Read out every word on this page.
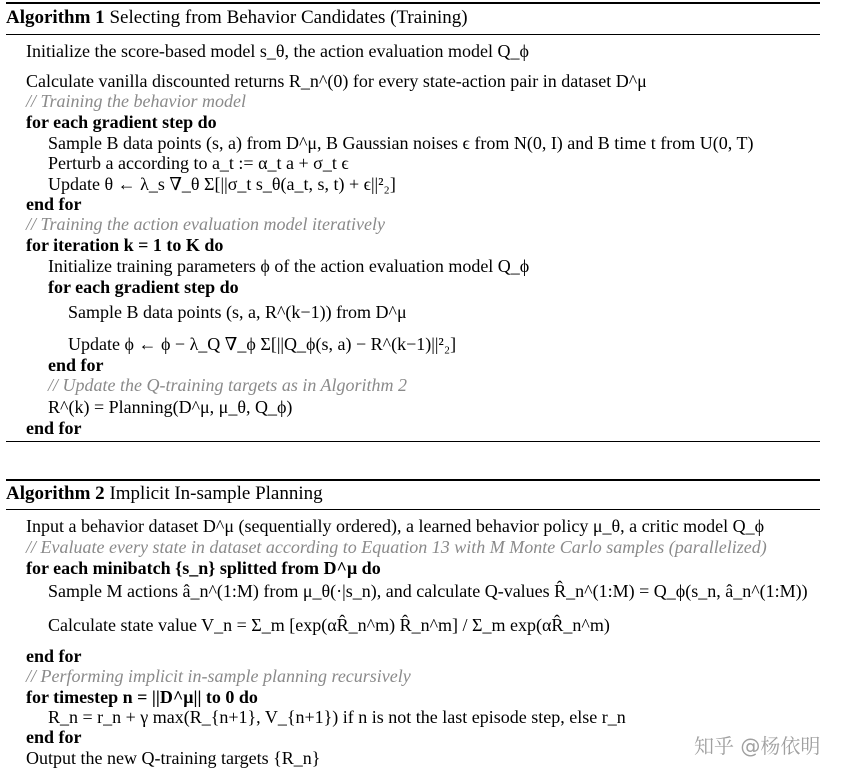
Algorithm 1 Selecting from Behavior Candidates (Training)
Initialize the score-based model s_θ, the action evaluation model Q_ϕ
Calculate vanilla discounted returns R_n^(0) for every state-action pair in dataset D^μ
// Training the behavior model
for each gradient step do
Sample B data points (s, a) from D^μ, B Gaussian noises ϵ from N(0, I) and B time t from U(0, T)
Perturb a according to a_t := α_t a + σ_t ϵ
Update θ ← λ_s ∇_θ Σ[||σ_t s_θ(a_t, s, t) + ϵ||²₂]
end for
// Training the action evaluation model iteratively
for iteration k = 1 to K do
Initialize training parameters ϕ of the action evaluation model Q_ϕ
for each gradient step do
Sample B data points (s, a, R^(k−1)) from D^μ
Update ϕ ← ϕ − λ_Q ∇_ϕ Σ[||Q_ϕ(s, a) − R^(k−1)||²₂]
end for
// Update the Q-training targets as in Algorithm 2
R^(k) = Planning(D^μ, μ_θ, Q_ϕ)
end for
Algorithm 2 Implicit In-sample Planning
Input a behavior dataset D^μ (sequentially ordered), a learned behavior policy μ_θ, a critic model Q_ϕ
// Evaluate every state in dataset according to Equation 13 with M Monte Carlo samples (parallelized)
for each minibatch {s_n} splitted from D^μ do
Sample M actions â_n^(1:M) from μ_θ(·|s_n), and calculate Q-values R̂_n^(1:M) = Q_ϕ(s_n, â_n^(1:M))
Calculate state value V_n = Σ_m [exp(αR̂_n^m) R̂_n^m] / Σ_m exp(αR̂_n^m)
end for
// Performing implicit in-sample planning recursively
for timestep n = ||D^μ|| to 0 do
R_n = r_n + γ max(R_{n+1}, V_{n+1}) if n is not the last episode step, else r_n
end for
Output the new Q-training targets {R_n}	知乎 @杨依明
